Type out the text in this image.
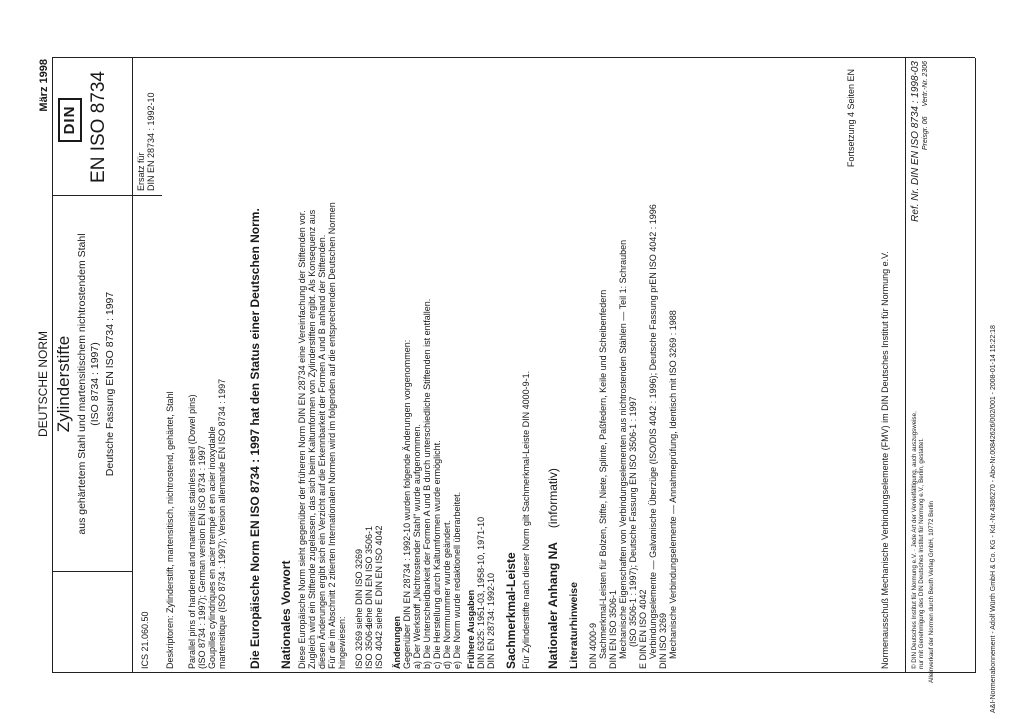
März 1998
DEUTSCHE NORM Zylinderstifte aus gehärtetem Stahl und martensitischem nichtrostendem Stahl (ISO 8734 : 1997) Deutsche Fassung EN ISO 8734 : 1997
DIN EN ISO 8734
ICS 21.060.50
Ersatz für DIN EN 28734 : 1992-10
Deskriptoren: Zylinderstift, martensitisch, nichtrostend, gehärtet, Stahl Parallel pins of hardened and martensitic stainless steel (Dowel pins) (ISO 8734 : 1997); German version EN ISO 8734 : 1997 Goupilles cylindriques en acier trempé et en acier inoxydable martensitique (ISO 8734 : 1997); Version allemande EN ISO 8734 : 1997 Die Europäische Norm EN ISO 8734 : 1997 hat den Status einer Deutschen Norm. Nationales Vorwort Diese Europäische Norm sieht gegenüber der früheren Norm DIN EN 28734 eine Vereinfachung der Stiftenden vor. Zugleich wird ein Stiftende zugelassen, das sich beim Kaltumformen von Zylinderstiften ergibt. Als Konsequenz aus diesen Änderungen ergibt sich ein Verzicht auf die Erkennbarkeit der Formen A und B anhand der Stiftenden. Für die im Abschnitt 2 zitierten Internationalen Normen wird im folgenden auf die entsprechenden Deutschen Normen hingewiesen: ISO 3269siehe DIN ISO 3269
ISO 3506-1siehe DIN EN ISO 3506-1
ISO 4042siehe E DIN EN ISO 4042
Änderungen Gegenüber DIN EN 28734 : 1992-10 wurden folgende Änderungen vorgenommen: a) Der Werkstoff „Nichtrostender Stahl" wurde aufgenommen. b) Die Unterscheidbarkeit der Formen A und B durch unterschiedliche Stiftenden ist entfallen. c) Die Herstellung durch Kaltumformen wurde ermöglicht. d) Die Normnummer wurde geändert. e) Die Norm wurde redaktionell überarbeitet. Frühere Ausgaben DIN 6325: 1951-03, 1958-10, 1971-10 DIN EN 28734: 1992-10 Sachmerkmal-Leiste Für Zylinderstifte nach dieser Norm gilt Sachmerkmal-Leiste DIN 4000-9-1. Nationaler Anhang NA(informativ)
Literaturhinweise DIN 4000-9 Sachmerkmal-Leisten für Bolzen, Stifte, Niete, Splinte, Paßfedern, Keile und Scheibenfedern DIN EN ISO 3506-1 Mechanische Eigenschaften von Verbindungselementen aus nichtrostenden Stählen — Teil 1: Schrauben (ISO 3506-1 : 1997); Deutsche Fassung EN ISO 3506-1 : 1997 E DIN EN ISO 4042 Verbindungselemente — Galvanische Überzüge (ISO/DIS 4042 : 1996); Deutsche Fassung prEN ISO 4042 : 1996 DIN ISO 3269 Mechanische Verbindungselemente — Annahmeprüfung, Identisch mit ISO 3269 : 1988
Fortsetzung 4 Seiten EN
Normenausschuß Mechanische Verbindungselemente (FMV) im DIN Deutsches Institut für Normung e.V.	© DIN Deutsches Institut für Normung e.V. · Jede Art der Vervielfältigung, auch auszugsweise, nur mit Genehmigung des DIN Deutsches Institut für Normung e.V., Berlin, gestattet. Alleinverkauf der Normen durch Beuth Verlag GmbH, 10772 Berlin
Ref. Nr. DIN EN ISO 8734 : 1998-03 Preisgr. 06Vertr.-Nr. 2306
A&I-Normenabonnement - Adolf Würth GmbH & Co. KG - Kd.-Nr.4386270 - Abo-Nr.00842626/002/001 - 2008-01-14 15:22:18
